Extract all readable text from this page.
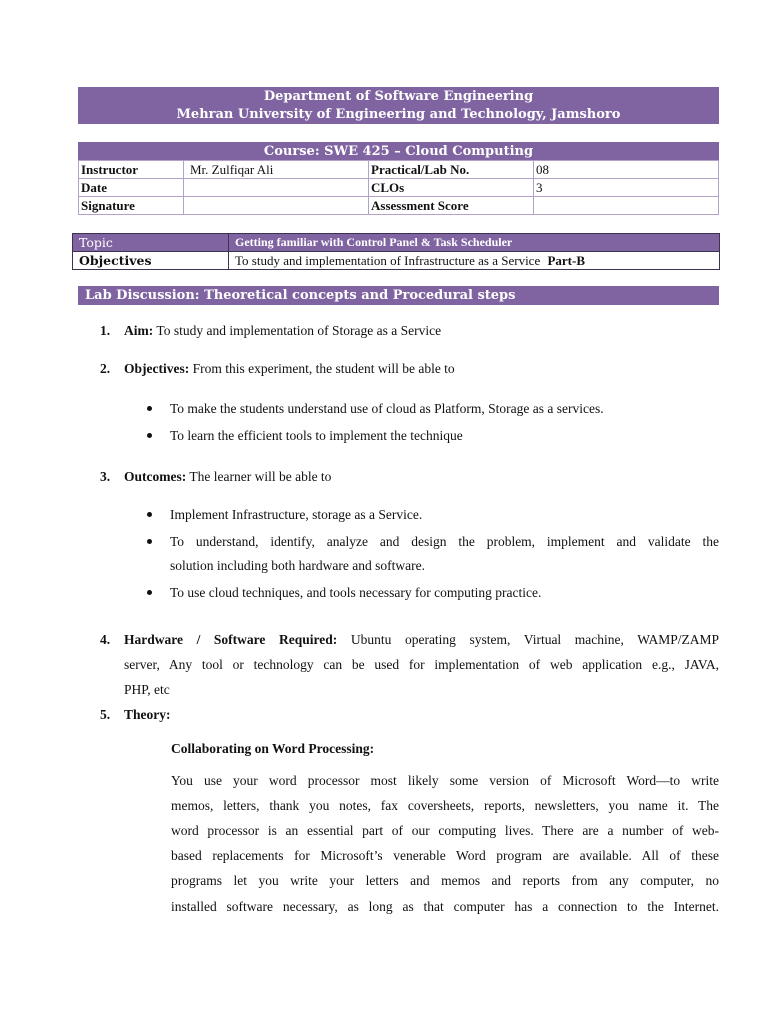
Department of Software Engineering
Mehran University of Engineering and Technology, Jamshoro
Course: SWE 425 – Cloud Computing
Instructor	Mr. Zulfiqar Ali	Practical/Lab No.	08
Date		CLOs	3
Signature		Assessment Score	
Topic	Getting familiar with Control Panel & Task Scheduler
Objectives	To study and implementation of Infrastructure as a Service Part-B
Lab Discussion: Theoretical concepts and Procedural steps
1. Aim: To study and implementation of Storage as a Service
2. Objectives: From this experiment, the student will be able to
To make the students understand use of cloud as Platform, Storage as a services.
To learn the efficient tools to implement the technique
3. Outcomes: The learner will be able to
Implement Infrastructure, storage as a Service.
To understand, identify, analyze and design the problem, implement and validate the
solution including both hardware and software.
To use cloud techniques, and tools necessary for computing practice.
4. Hardware / Software Required: Ubuntu operating system, Virtual machine, WAMP/ZAMP
server, Any tool or technology can be used for implementation of web application e.g., JAVA,
PHP, etc
5. Theory:
Collaborating on Word Processing:
You use your word processor most likely some version of Microsoft Word—to write
memos, letters, thank you notes, fax coversheets, reports, newsletters, you name it. The
word processor is an essential part of our computing lives. There are a number of web-
based replacements for Microsoft’s venerable Word program are available. All of these
programs let you write your letters and memos and reports from any computer, no
installed software necessary, as long as that computer has a connection to the Internet.
